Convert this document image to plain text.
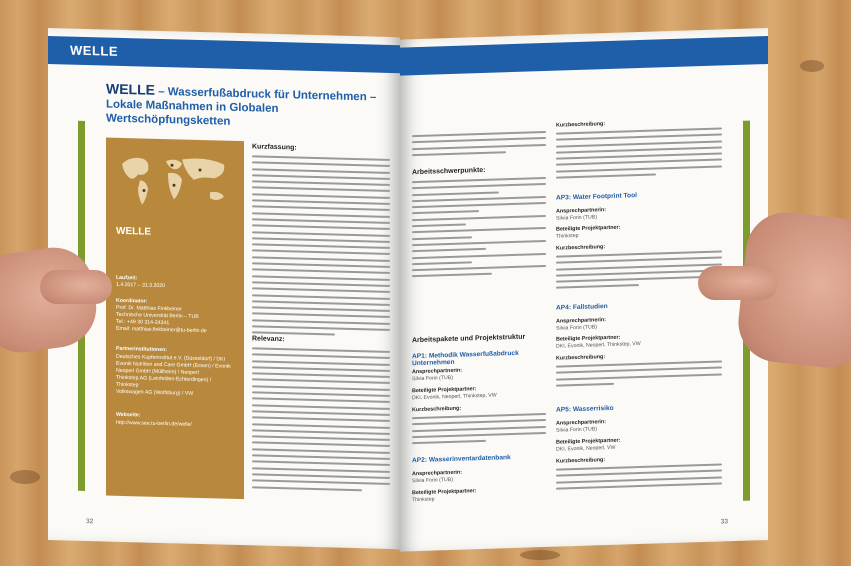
WELLE
WELLE – Wasserfußabdruck für Unternehmen – Lokale Maßnahmen in Globalen Wertschöpfungsketten
WELLE
Laufzeit:
1.4.2017 – 31.3.2020
Koordinator:
Prof. Dr. Matthias Finkbeiner
Technische Universität Berlin – TUB
Tel.: +49 30 314-24341
Email: matthias.finkbeiner@tu-berlin.de
Partnerinstitutionen:
Deutsches Kupferinstitut e.V. (Düsseldorf) / DKI
Evonik Nutrition and Care GmbH (Essen) / Evonik
Neoperl GmbH (Müllheim) / Neoperl
Thinkstep AG (Leinfelden-Echterdingen) /
Thinkstep
Volkswagen AG (Wolfsburg) / VW
Webseite:
http://www.see.tu-berlin.de/welle/
Kurzfassung:
Relevanz:
32
Arbeitsschwerpunkte:
Arbeitspakete und Projektstruktur
AP1: Methodik Wasserfußabdruck Unternehmen
Ansprechpartnerin:
Silvia Forin (TUB)
Beteiligte Projektpartner:
DKI, Evonik, Neoperl, Thinkstep, VW
Kurzbeschreibung:
AP2: Wasserinventardatenbank
Ansprechpartnerin:
Silvia Forin (TUB)
Beteiligte Projektpartner:
Thinkstep
Kurzbeschreibung:
AP3: Water Footprint Tool
Ansprechpartnerin:
Silvia Forin (TUB)
Beteiligte Projektpartner:
Thinkstep
Kurzbeschreibung:
AP4: Fallstudien
Ansprechpartnerin:
Silvia Forin (TUB)
Beteiligte Projektpartner:
DKI, Evonik, Neoperl, Thinkstep, VW
Kurzbeschreibung:
AP5: Wasserrisiko
Ansprechpartnerin:
Silvia Forin (TUB)
Beteiligte Projektpartner:
DKI, Evonik, Neoperl, VW
Kurzbeschreibung:
33
